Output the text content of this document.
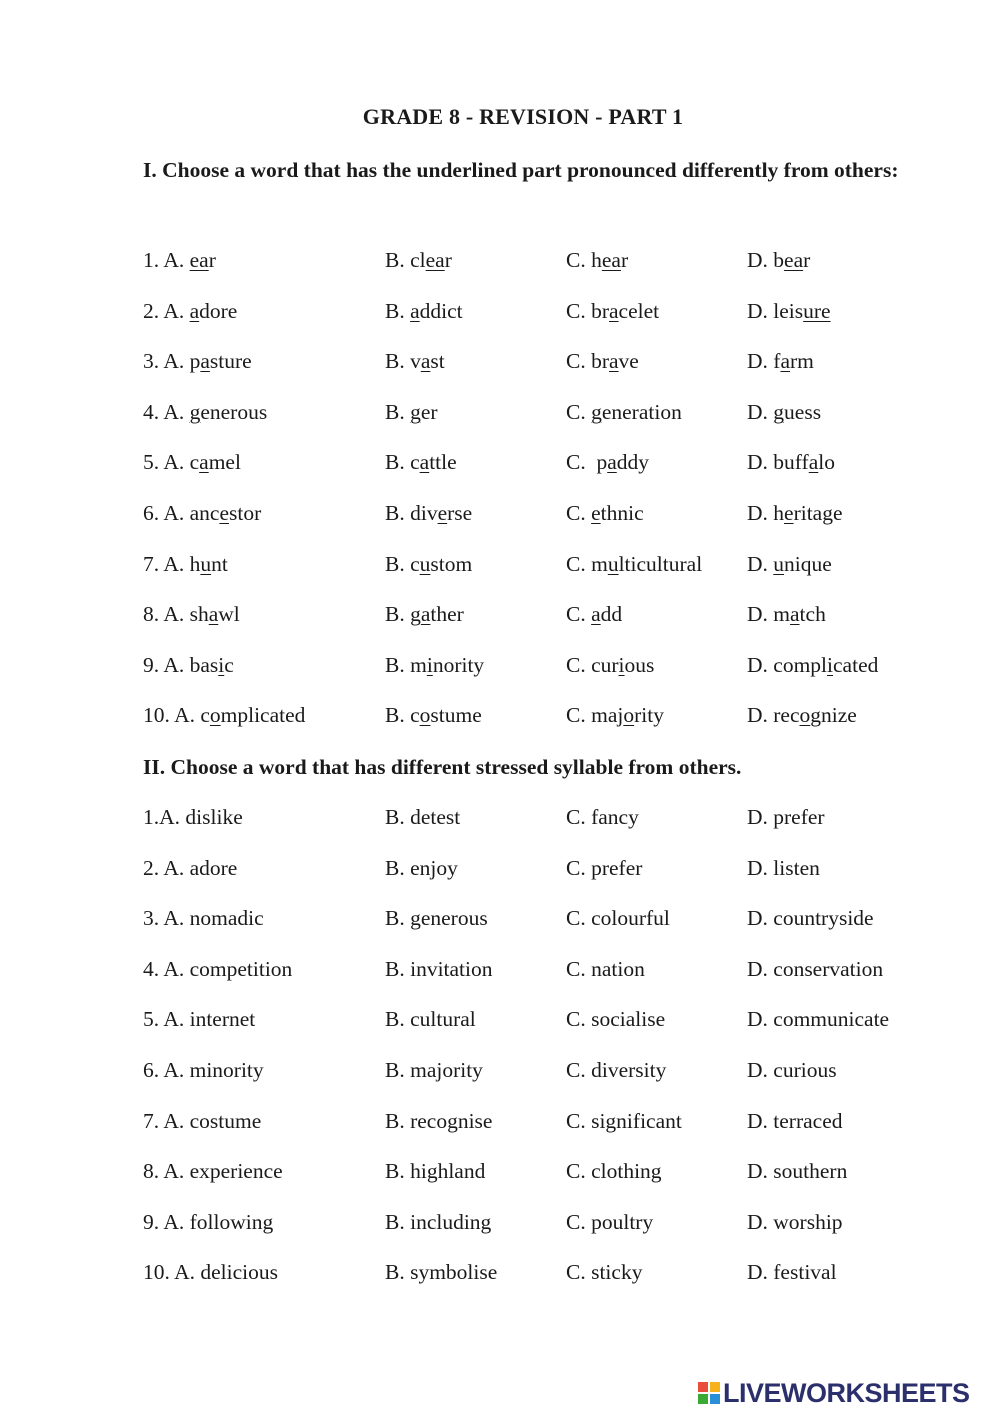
GRADE 8 - REVISION - PART 1
I. Choose a word that has the underlined part pronounced differently from others:
1. A. ear	B. clear	C. hear	D. bear
2. A. adore	B. addict	C. bracelet	D. leisure
3. A. pasture	B. vast	C. brave	D. farm
4. A. generous	B. ger	C. generation	D. guess
5. A. camel	B. cattle	C.  paddy	D. buffalo
6. A. ancestor	B. diverse	C. ethnic	D. heritage
7. A. hunt	B. custom	C. multicultural D. unique
8. A. shawl	B. gather	C. add	D. match
9. A. basic	B. minority	C. curious	D. complicated
10. A. complicated	B. costume	C. majority	D. recognize
II. Choose a word that has different stressed syllable from others.
1.A. dislike	B. detest	C. fancy	D. prefer
2. A. adore	B. enjoy	C. prefer	D. listen
3. A. nomadic	B. generous	C. colourful	D. countryside
4. A. competition	B. invitation	C. nation	D. conservation
5. A. internet	B. cultural	C. socialise	D. communicate
6. A. minority	B. majority	C. diversity	D. curious
7. A. costume	B. recognise	C. significant	D. terraced
8. A. experience	B. highland	C. clothing	D. southern
9. A. following	B. including	C. poultry	D. worship
10. A. delicious	B. symbolise	C. sticky	D. festival
LIVEWORKSHEETS
